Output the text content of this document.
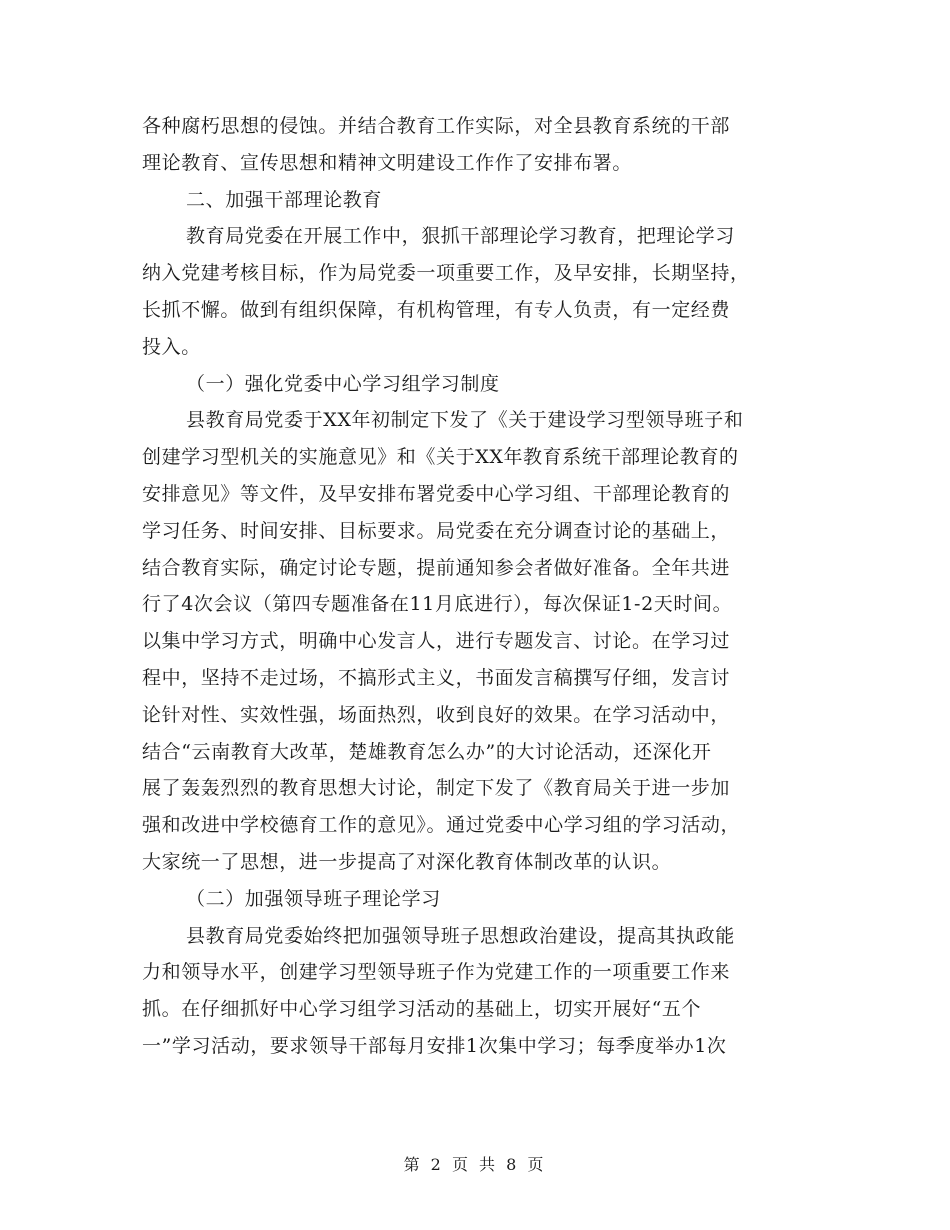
各种腐朽思想的侵蚀。并结合教育工作实际，对全县教育系统的干部
理论教育、宣传思想和精神文明建设工作作了安排布署。
二、加强干部理论教育
教育局党委在开展工作中，狠抓干部理论学习教育，把理论学习
纳入党建考核目标，作为局党委一项重要工作，及早安排，长期坚持，
长抓不懈。做到有组织保障，有机构管理，有专人负责，有一定经费
投入。
（一）强化党委中心学习组学习制度
县教育局党委于XX年初制定下发了《关于建设学习型领导班子和
创建学习型机关的实施意见》和《关于XX年教育系统干部理论教育的
安排意见》等文件，及早安排布署党委中心学习组、干部理论教育的
学习任务、时间安排、目标要求。局党委在充分调查讨论的基础上，
结合教育实际，确定讨论专题，提前通知参会者做好准备。全年共进
行了4次会议（第四专题准备在11月底进行），每次保证1-2天时间。
以集中学习方式，明确中心发言人，进行专题发言、讨论。在学习过
程中，坚持不走过场，不搞形式主义，书面发言稿撰写仔细，发言讨
论针对性、实效性强，场面热烈，收到良好的效果。在学习活动中，
结合“云南教育大改革，楚雄教育怎么办”的大讨论活动，还深化开
展了轰轰烈烈的教育思想大讨论，制定下发了《教育局关于进一步加
强和改进中学校德育工作的意见》。通过党委中心学习组的学习活动，
大家统一了思想，进一步提高了对深化教育体制改革的认识。
（二）加强领导班子理论学习
县教育局党委始终把加强领导班子思想政治建设，提高其执政能
力和领导水平，创建学习型领导班子作为党建工作的一项重要工作来
抓。在仔细抓好中心学习组学习活动的基础上，切实开展好“五个
一”学习活动，要求领导干部每月安排1次集中学习；每季度举办1次
第 2 页 共 8 页
